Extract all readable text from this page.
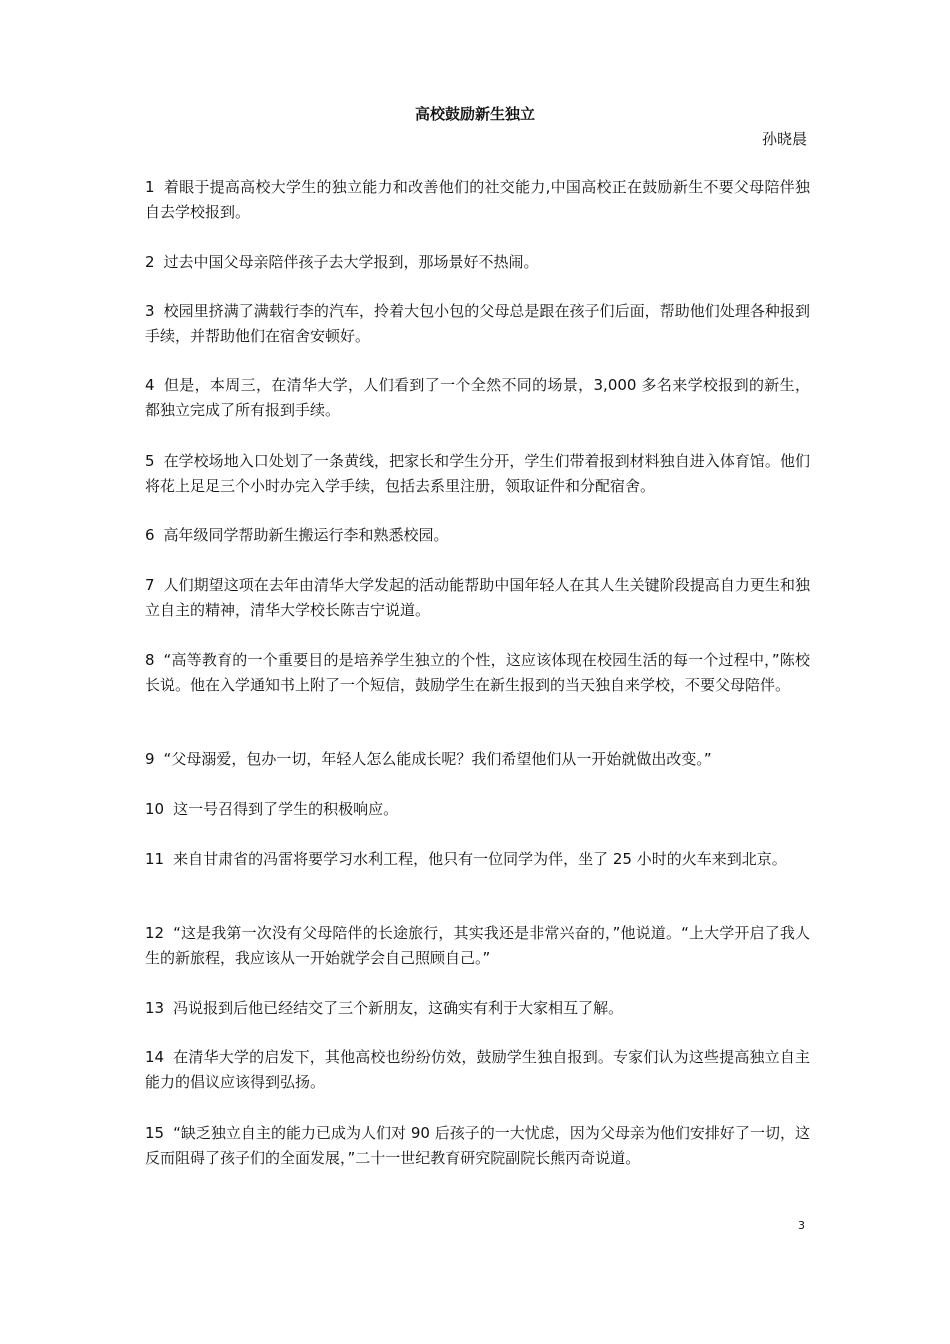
高校鼓励新生独立
孙晓晨
1 着眼于提高高校大学生的独立能力和改善他们的社交能力,中国高校正在鼓励新生不要父母陪伴独自去学校报到。
2 过去中国父母亲陪伴孩子去大学报到，那场景好不热闹。
3 校园里挤满了满载行李的汽车，拎着大包小包的父母总是跟在孩子们后面，帮助他们处理各种报到手续，并帮助他们在宿舍安顿好。
4 但是，本周三，在清华大学，人们看到了一个全然不同的场景，3,000 多名来学校报到的新生，都独立完成了所有报到手续。
5 在学校场地入口处划了一条黄线，把家长和学生分开，学生们带着报到材料独自进入体育馆。他们将花上足足三个小时办完入学手续，包括去系里注册，领取证件和分配宿舍。
6 高年级同学帮助新生搬运行李和熟悉校园。
7 人们期望这项在去年由清华大学发起的活动能帮助中国年轻人在其人生关键阶段提高自力更生和独立自主的精神，清华大学校长陈吉宁说道。
8 “高等教育的一个重要目的是培养学生独立的个性，这应该体现在校园生活的每一个过程中，”陈校长说。他在入学通知书上附了一个短信，鼓励学生在新生报到的当天独自来学校，不要父母陪伴。
9 “父母溺爱，包办一切，年轻人怎么能成长呢？我们希望他们从一开始就做出改变。”
10 这一号召得到了学生的积极响应。
11 来自甘肃省的冯雷将要学习水利工程，他只有一位同学为伴，坐了 25 小时的火车来到北京。
12 “这是我第一次没有父母陪伴的长途旅行，其实我还是非常兴奋的，”他说道。“上大学开启了我人生的新旅程，我应该从一开始就学会自己照顾自己。”
13 冯说报到后他已经结交了三个新朋友，这确实有利于大家相互了解。
14 在清华大学的启发下，其他高校也纷纷仿效，鼓励学生独自报到。专家们认为这些提高独立自主能力的倡议应该得到弘扬。
15 “缺乏独立自主的能力已成为人们对 90 后孩子的一大忧虑，因为父母亲为他们安排好了一切，这反而阻碍了孩子们的全面发展，”二十一世纪教育研究院副院长熊丙奇说道。
3
